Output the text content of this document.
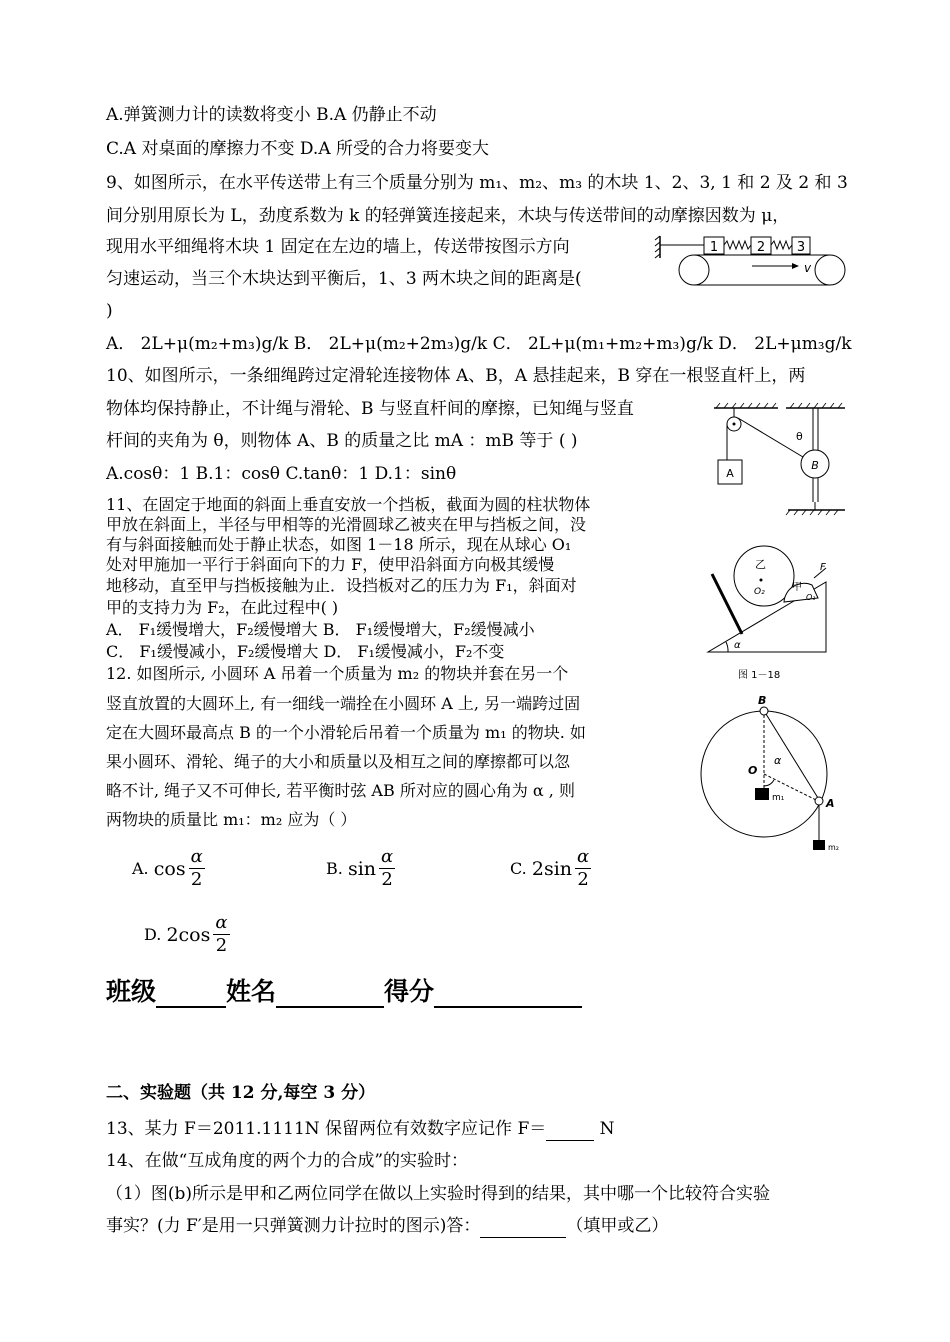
A.弹簧测力计的读数将变小 B.A 仍静止不动
C.A 对桌面的摩擦力不变 D.A 所受的合力将要变大
9、如图所示，在水平传送带上有三个质量分别为 m₁、m₂、m₃ 的木块 1、2、3, 1 和 2 及 2 和 3
间分别用原长为 L，劲度系数为 k 的轻弹簧连接起来，木块与传送带间的动摩擦因数为 μ，
现用水平细绳将木块 1 固定在左边的墙上，传送带按图示方向
匀速运动，当三个木块达到平衡后，1、3 两木块之间的距离是(
)
A． 2L+μ(m₂+m₃)g/k B． 2L+μ(m₂+2m₃)g/k C． 2L+μ(m₁+m₂+m₃)g/k D． 2L+μm₃g/k
1	2 3
v
10、如图所示，一条细绳跨过定滑轮连接物体 A、B，A 悬挂起来，B 穿在一根竖直杆上，两
物体均保持静止，不计绳与滑轮、B 与竖直杆间的摩擦，已知绳与竖直
杆间的夹角为 θ，则物体 A、B 的质量之比 mA ：mB 等于 ( )
A.cosθ：1 B.1：cosθ C.tanθ：1 D.1：sinθ	A
B
θ
11、在固定于地面的斜面上垂直安放一个挡板，截面为圆的柱状物体
甲放在斜面上，半径与甲相等的光滑圆球乙被夹在甲与挡板之间，没
有与斜面接触而处于静止状态，如图 1－18 所示，现在从球心 O₁
处对甲施加一平行于斜面向下的力 F，使甲沿斜面方向极其缓慢
地移动，直至甲与挡板接触为止．设挡板对乙的压力为 F₁，斜面对
甲的支持力为 F₂，在此过程中( )
A． F₁缓慢增大，F₂缓慢增大 B． F₁缓慢增大，F₂缓慢减小
C． F₁缓慢减小，F₂缓慢增大 D． F₁缓慢减小，F₂不变	α
乙
O₂	甲
O₁
F
图 1－18
12. 如图所示, 小圆环 A 吊着一个质量为 m₂ 的物块并套在另一个
竖直放置的大圆环上, 有一细线一端拴在小圆环 A 上, 另一端跨过固
定在大圆环最高点 B 的一个小滑轮后吊着一个质量为 m₁ 的物块. 如
果小圆环、滑轮、绳子的大小和质量以及相互之间的摩擦都可以忽
略不计, 绳子又不可伸长, 若平衡时弦 AB 所对应的圆心角为 α , 则
两物块的质量比 m₁：m₂ 应为（ ）
B
O
α
m₁	A
m₂
A.
$\cos \frac{\alpha}{2}$	B.
$\sin \frac{\alpha}{2}$	C.
$2\sin \frac{\alpha}{2}$
D.
$2\cos \frac{\alpha}{2}$
班级	姓名	得分
二、实验题（共 12 分,每空 3 分）
13、某力 F＝2011.1111N 保留两位有效数字应记作 F＝	N
14、在做“互成角度的两个力的合成”的实验时：
（1）图(b)所示是甲和乙两位同学在做以上实验时得到的结果，其中哪一个比较符合实验
事实？(力 F′是用一只弹簧测力计拉时的图示)答：	（填甲或乙）
